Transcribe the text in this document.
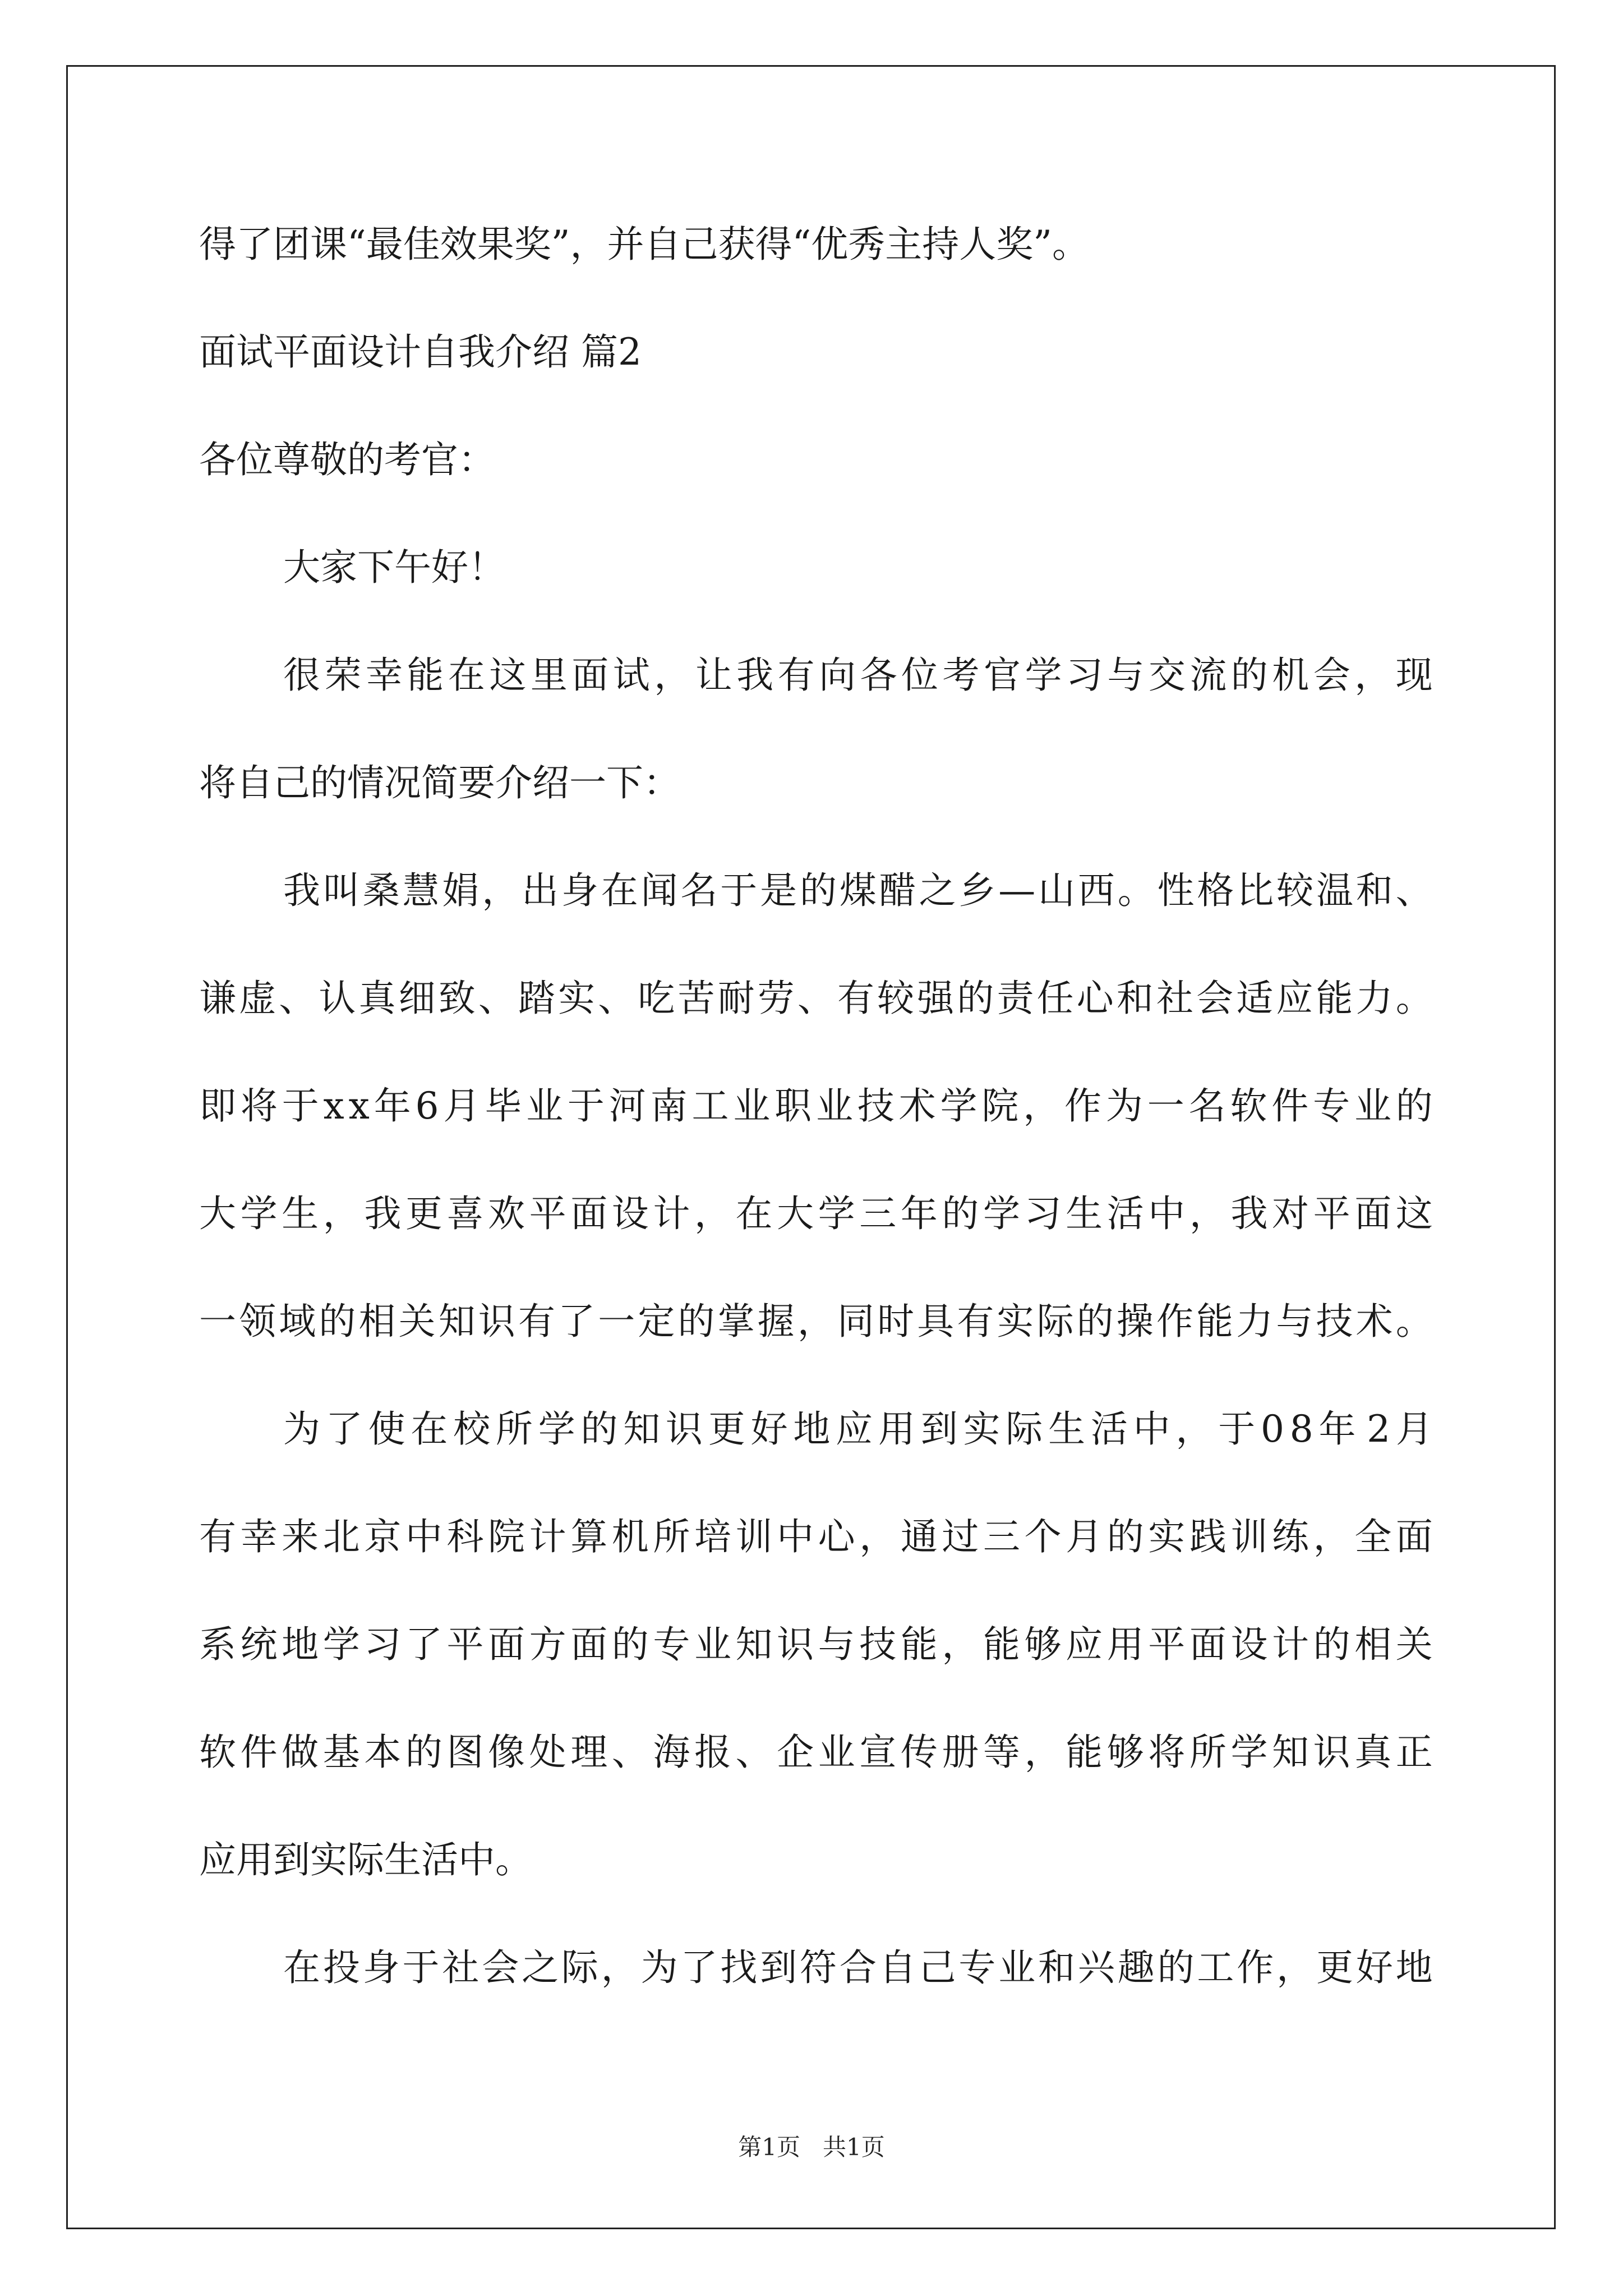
得了团课“最佳效果奖”，并自己获得“优秀主持人奖”。
面试平面设计自我介绍 篇2
各位尊敬的考官：
大家下午好！
很 荣 幸 能 在 这 里 面 试 ， 让 我 有 向 各 位 考 官 学 习 与 交 流 的 机 会 ， 现
将自己的情况简要介绍一下：
我 叫 桑 慧 娟 ， 出 身 在 闻 名 于 是 的 煤 醋 之 乡 — 山 西 。 性 格 比 较 温 和 、
谦 虚 、 认 真 细 致 、 踏 实 、 吃 苦 耐 劳 、 有 较 强 的 责 任 心 和 社 会 适 应 能 力 。
即 将 于 x x 年 6 月 毕 业 于 河 南 工 业 职 业 技 术 学 院 ， 作 为 一 名 软 件 专 业 的
大 学 生 ， 我 更 喜 欢 平 面 设 计 ， 在 大 学 三 年 的 学 习 生 活 中 ， 我 对 平 面 这
一 领 域 的 相 关 知 识 有 了 一 定 的 掌 握 ， 同 时 具 有 实 际 的 操 作 能 力 与 技 术 。
为 了 使 在 校 所 学 的 知 识 更 好 地 应 用 到 实 际 生 活 中 ， 于 0 8 年 2 月
有 幸 来 北 京 中 科 院 计 算 机 所 培 训 中 心 ， 通 过 三 个 月 的 实 践 训 练 ， 全 面
系 统 地 学 习 了 平 面 方 面 的 专 业 知 识 与 技 能 ， 能 够 应 用 平 面 设 计 的 相 关
软 件 做 基 本 的 图 像 处 理 、 海 报 、 企 业 宣 传 册 等 ， 能 够 将 所 学 知 识 真 正
应用到实际生活中。
在 投 身 于 社 会 之 际 ， 为 了 找 到 符 合 自 己 专 业 和 兴 趣 的 工 作 ， 更 好 地
第1页 共1页
